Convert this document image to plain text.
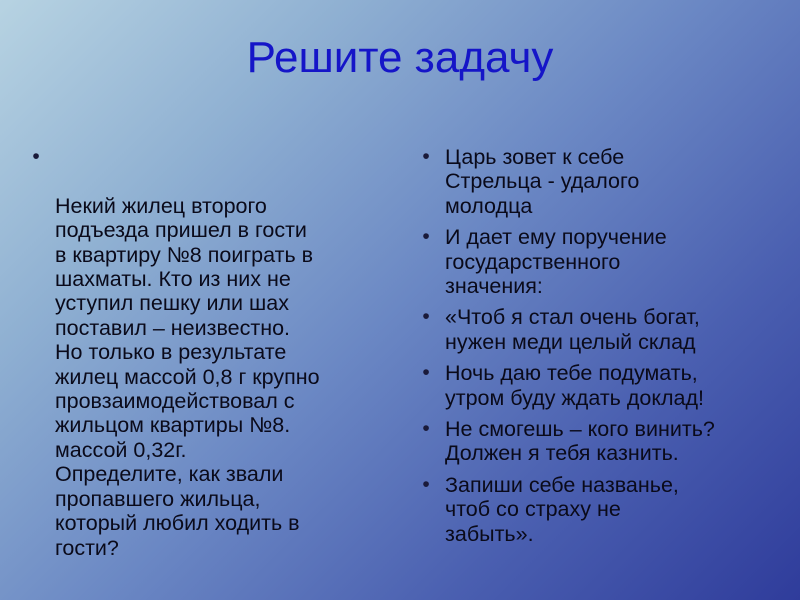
Решите задачу

•

Некий жилец второго
подъезда пришел в гости
в квартиру №8 поиграть в
шахматы. Кто из них не
уступил пешку или шах
поставил – неизвестно.
Но только в результате
жилец массой 0,8 г крупно
провзаимодействовал с
жильцом квартиры №8.
массой 0,32г.
Определите, как звали
пропавшего жильца,
который любил ходить в
гости?

• Царь зовет к себе
Стрельца - удалого
молодца
• И дает ему поручение
государственного
значения:
• «Чтоб я стал очень богат,
нужен меди целый склад
• Ночь даю тебе подумать,
утром буду ждать доклад!
• Не смогешь – кого винить?
Должен я тебя казнить.
• Запиши себе названье,
чтоб со страху не
забыть».
